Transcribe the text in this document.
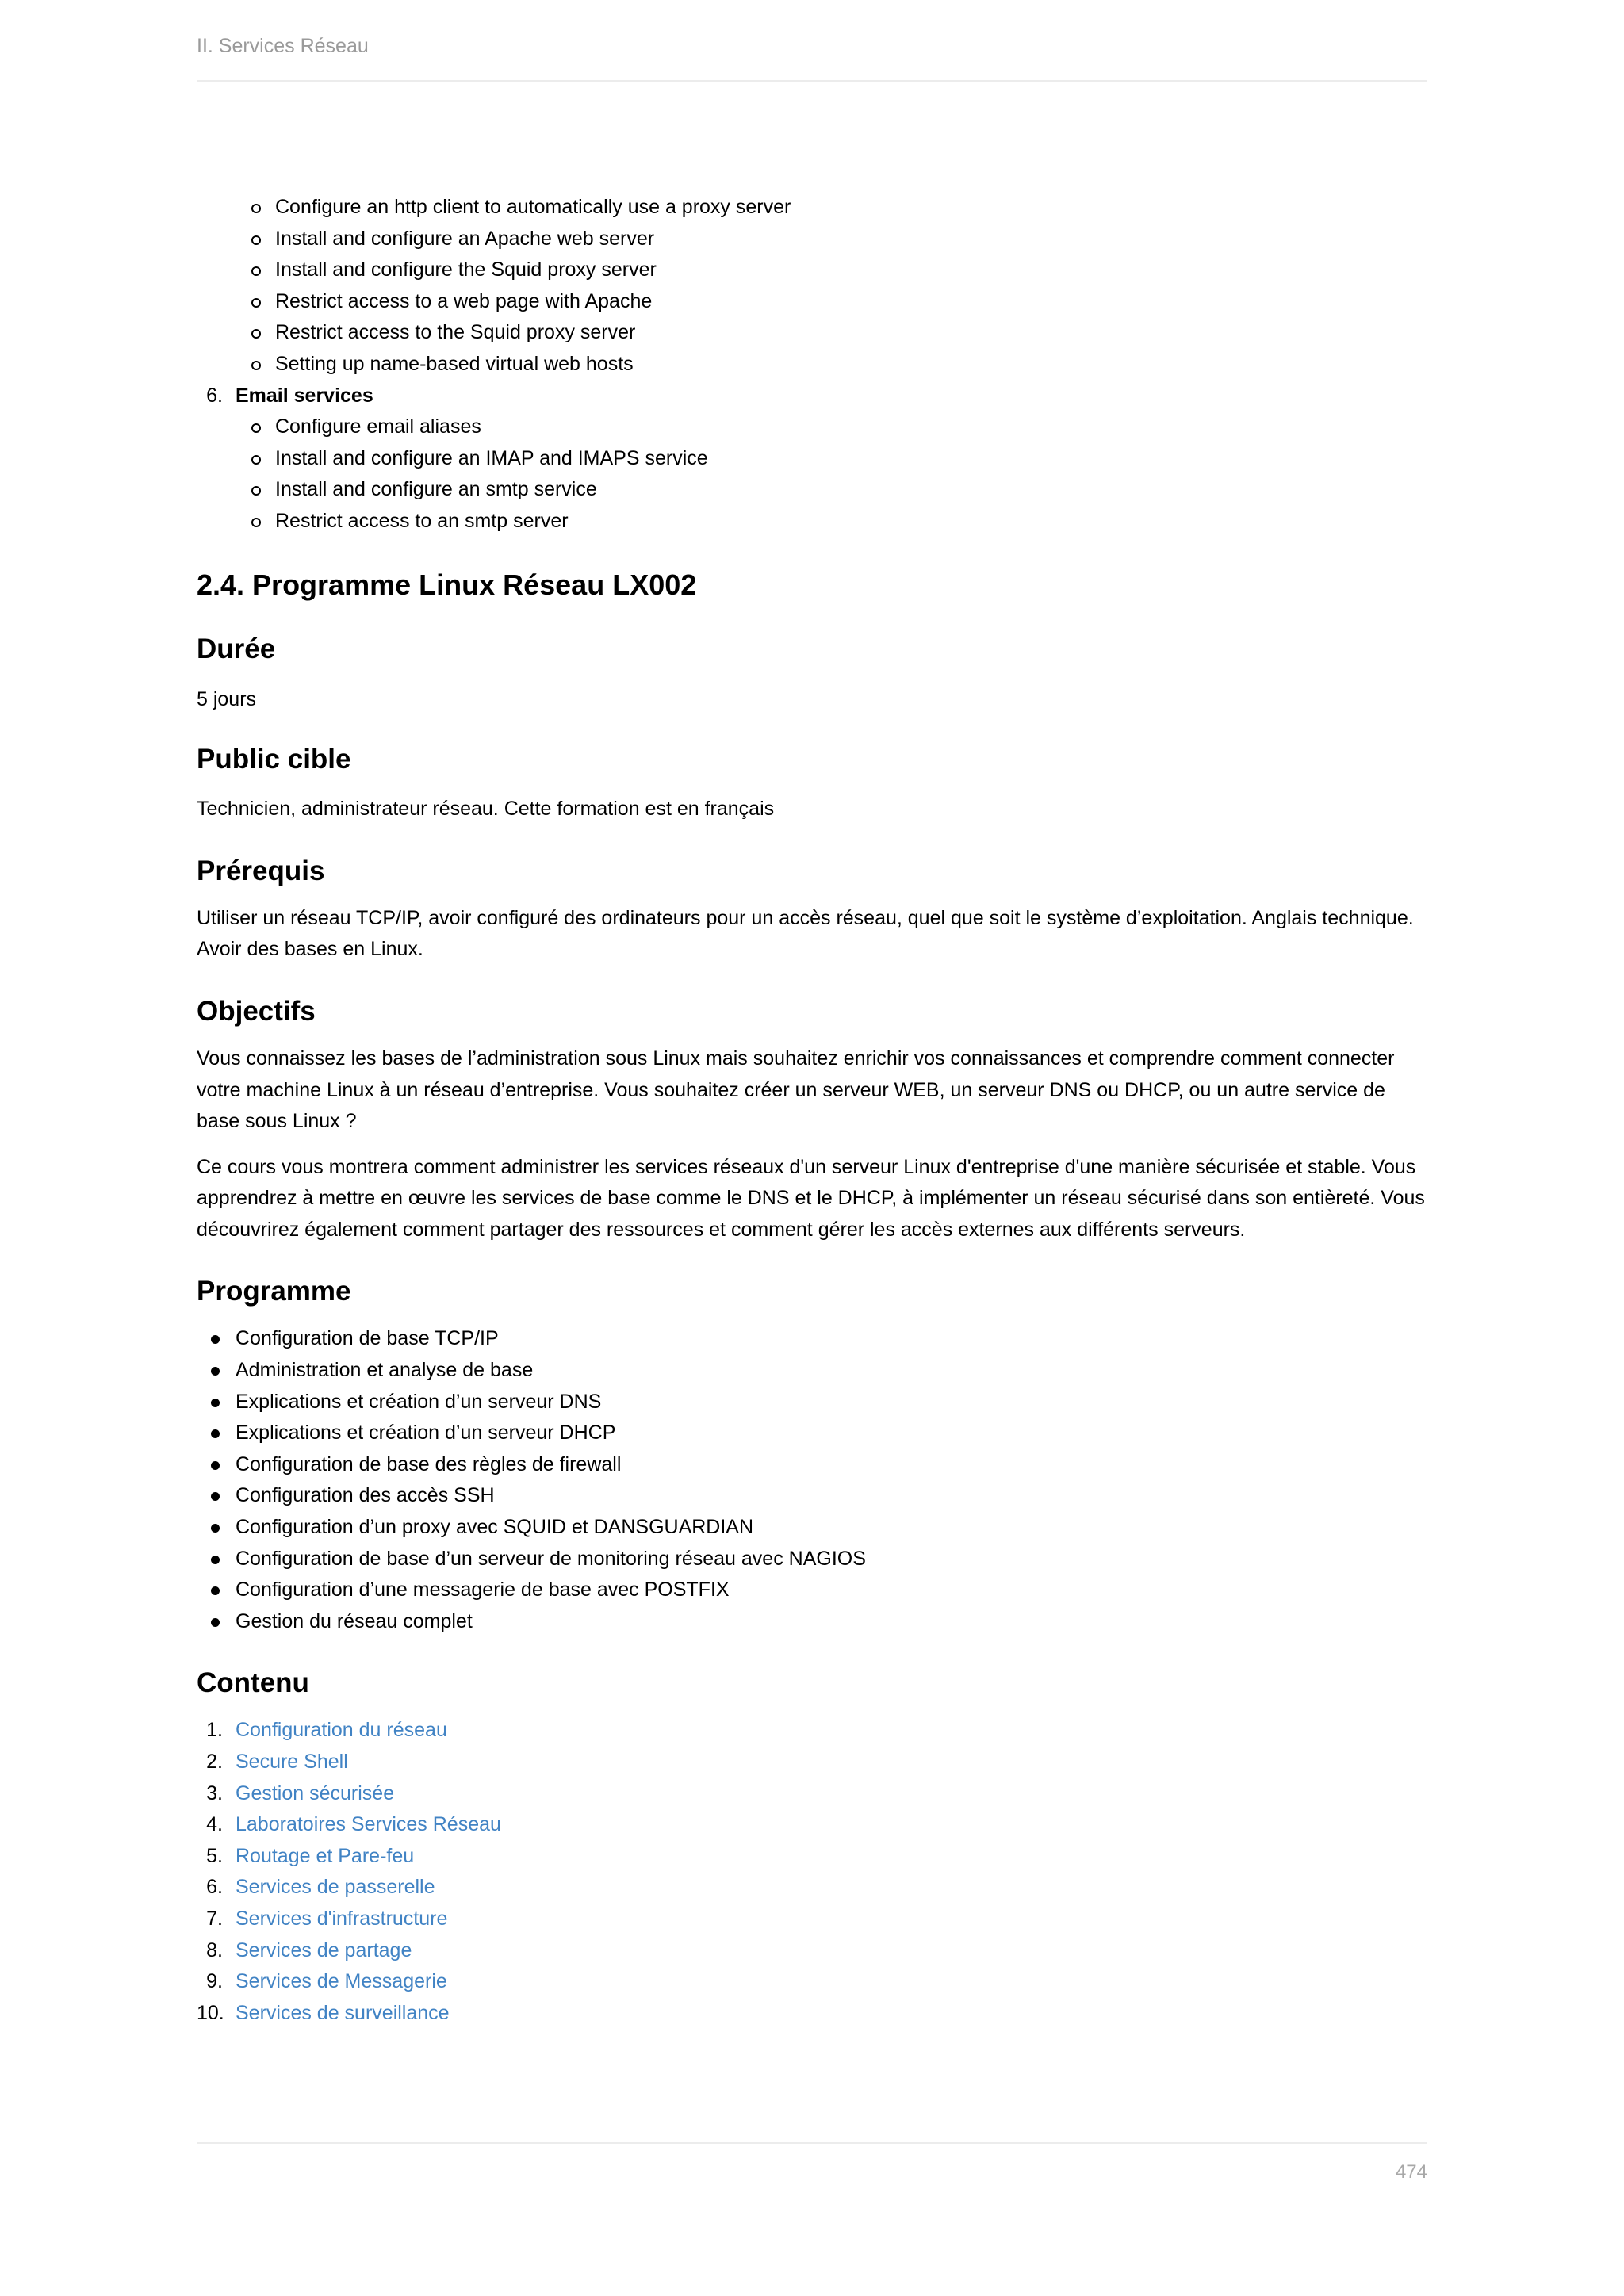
II. Services Réseau
Configure an http client to automatically use a proxy server
Install and configure an Apache web server
Install and configure the Squid proxy server
Restrict access to a web page with Apache
Restrict access to the Squid proxy server
Setting up name-based virtual web hosts
6. Email services
Configure email aliases
Install and configure an IMAP and IMAPS service
Install and configure an smtp service
Restrict access to an smtp server
2.4. Programme Linux Réseau LX002
Durée

5 jours

Public cible

Technicien, administrateur réseau. Cette formation est en français

Prérequis

Utiliser un réseau TCP/IP, avoir configuré des ordinateurs pour un accès réseau, quel que soit le système d’exploitation. Anglais technique. Avoir des bases en Linux.

Objectifs

Vous connaissez les bases de l’administration sous Linux mais souhaitez enrichir vos connaissances et comprendre comment connecter votre machine Linux à un réseau d’entreprise. Vous souhaitez créer un serveur WEB, un serveur DNS ou DHCP, ou un autre service de base sous Linux ?

Ce cours vous montrera comment administrer les services réseaux d'un serveur Linux d'entreprise d'une manière sécurisée et stable. Vous apprendrez à mettre en œuvre les services de base comme le DNS et le DHCP, à implémenter un réseau sécurisé dans son entièreté. Vous découvrirez également comment partager des ressources et comment gérer les accès externes aux différents serveurs.

Programme
Configuration de base TCP/IP
Administration et analyse de base
Explications et création d’un serveur DNS
Explications et création d’un serveur DHCP
Configuration de base des règles de firewall
Configuration des accès SSH
Configuration d’un proxy avec SQUID et DANSGUARDIAN
Configuration de base d’un serveur de monitoring réseau avec NAGIOS
Configuration d’une messagerie de base avec POSTFIX
Gestion du réseau complet
Contenu
1. Configuration du réseau
2. Secure Shell
3. Gestion sécurisée
4. Laboratoires Services Réseau
5. Routage et Pare-feu
6. Services de passerelle
7. Services d'infrastructure
8. Services de partage
9. Services de Messagerie
10. Services de surveillance
474
